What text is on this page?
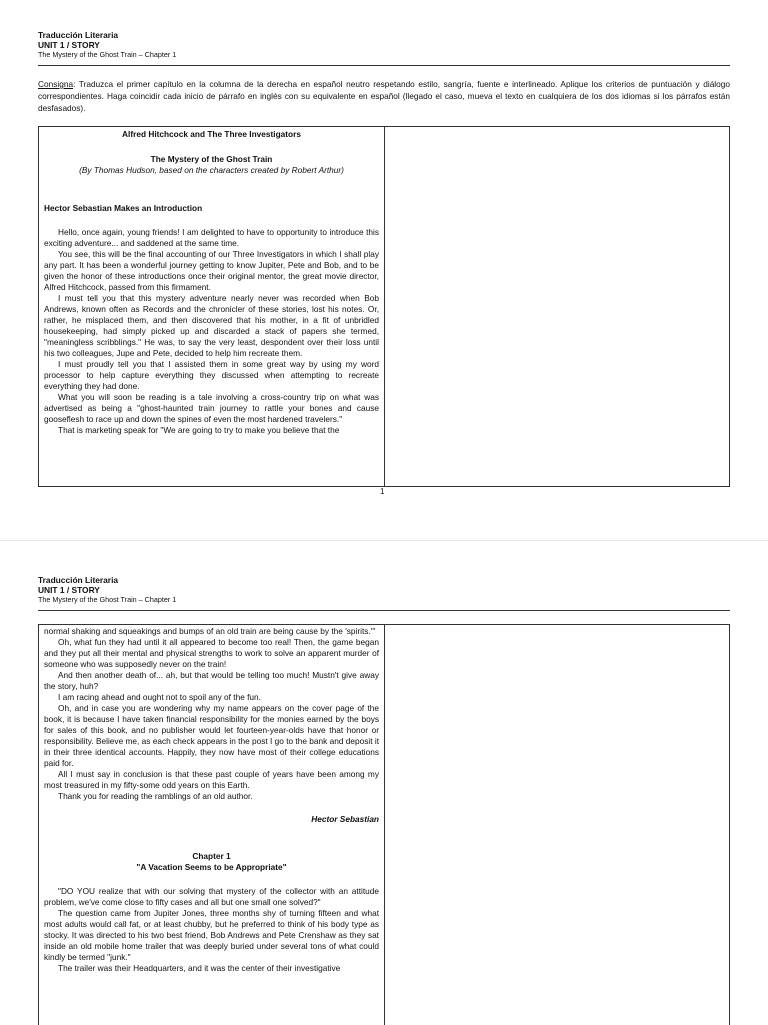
Traducción Literaria
UNIT 1 / STORY
The Mystery of the Ghost Train – Chapter 1
Consigna: Traduzca el primer capítulo en la columna de la derecha en español neutro respetando estilo, sangría, fuente e interlineado. Aplique los criterios de puntuación y diálogo correspondientes. Haga coincidir cada inicio de párrafo en inglés con su equivalente en español (llegado el caso, mueva el texto en cualquiera de los dos idiomas si los párrafos están desfasados).

Alfred Hitchcock and The Three Investigators

The Mystery of the Ghost Train

(By Thomas Hudson, based on the characters created by Robert Arthur)

Hector Sebastian Makes an Introduction

Hello, once again, young friends! I am delighted to have to opportunity to introduce this exciting adventure... and saddened at the same time.

You see, this will be the final accounting of our Three Investigators in which I shall play any part. It has been a wonderful journey getting to know Jupiter, Pete and Bob, and to be given the honor of these introductions once their original mentor, the great movie director, Alfred Hitchcock, passed from this firmament.

I must tell you that this mystery adventure nearly never was recorded when Bob Andrews, known often as Records and the chronicler of these stories, lost his notes. Or, rather, he misplaced them, and then discovered that his mother, in a fit of unbridled housekeeping, had simply picked up and discarded a stack of papers she termed, "meaningless scribblings." He was, to say the very least, despondent over their loss until his two colleagues, Jupe and Pete, decided to help him recreate them.

I must proudly tell you that I assisted them in some great way by using my word processor to help capture everything they discussed when attempting to recreate everything they had done.

What you will soon be reading is a tale involving a cross-country trip on what was advertised as being a "ghost-haunted train journey to rattle your bones and cause gooseflesh to race up and down the spines of even the most hardened travelers."

That is marketing speak for "We are going to try to make you believe that the

1
Traducción Literaria
UNIT 1 / STORY
The Mystery of the Ghost Train – Chapter 1

normal shaking and squeakings and bumps of an old train are being cause by the 'spirits.'"

Oh, what fun they had until it all appeared to become too real! Then, the game began and they put all their mental and physical strengths to work to solve an apparent murder of someone who was supposedly never on the train!

And then another death of... ah, but that would be telling too much! Mustn't give away the story, huh?

I am racing ahead and ought not to spoil any of the fun.

Oh, and in case you are wondering why my name appears on the cover page of the book, it is because I have taken financial responsibility for the monies earned by the boys for sales of this book, and no publisher would let fourteen-year-olds have that honor or responsibility. Believe me, as each check appears in the post I go to the bank and deposit it in their three identical accounts. Happily, they now have most of their college educations paid for.

All I must say in conclusion is that these past couple of years have been among my most treasured in my fifty-some odd years on this Earth.

Thank you for reading the ramblings of an old author.

Hector Sebastian

Chapter 1

"A Vacation Seems to be Appropriate"

"DO YOU realize that with our solving that mystery of the collector with an attitude problem, we've come close to fifty cases and all but one small one solved?"

The question came from Jupiter Jones, three months shy of turning fifteen and what most adults would call fat, or at least chubby, but he preferred to think of his body type as stocky. It was directed to his two best friend, Bob Andrews and Pete Crenshaw as they sat inside an old mobile home trailer that was deeply buried under several tons of what could kindly be termed "junk."

The trailer was their Headquarters, and it was the center of their investigative
